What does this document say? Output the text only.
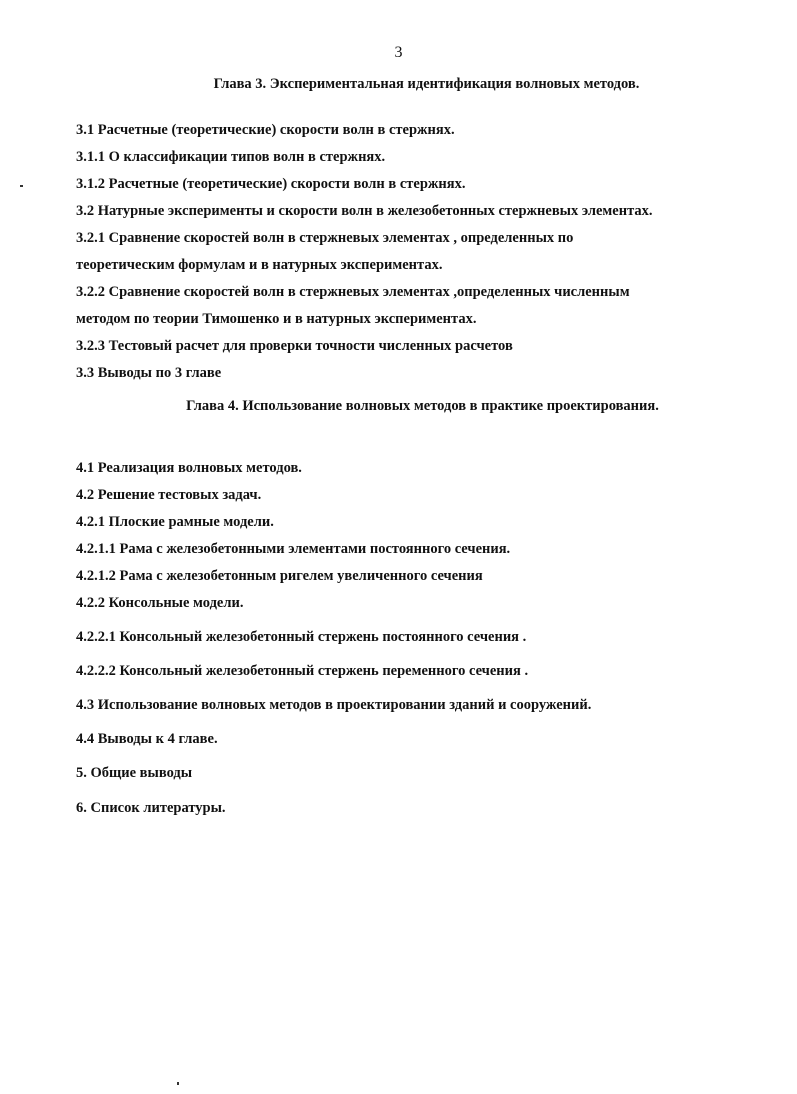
3
Глава 3. Экспериментальная идентификация волновых методов.
3.1 Расчетные (теоретические) скорости волн в стержнях.
3.1.1 О классификации типов волн в стержнях.
3.1.2 Расчетные (теоретические) скорости волн в стержнях.
3.2 Натурные эксперименты и скорости волн в железобетонных стержневых элементах.
3.2.1 Сравнение скоростей волн в стержневых элементах , определенных по
теоретическим формулам и в натурных экспериментах.
3.2.2 Сравнение скоростей волн в стержневых элементах ,определенных численным
методом по теории Тимошенко и в натурных экспериментах.
3.2.3 Тестовый расчет для проверки точности численных расчетов
3.3 Выводы по 3 главе
Глава 4. Использование волновых методов в практике проектирования.
4.1 Реализация волновых методов.
4.2 Решение тестовых задач.
4.2.1 Плоские рамные модели.
4.2.1.1 Рама с железобетонными элементами постоянного сечения.
4.2.1.2 Рама с железобетонным ригелем увеличенного сечения
4.2.2 Консольные модели.
4.2.2.1 Консольный железобетонный стержень постоянного сечения .
4.2.2.2 Консольный железобетонный стержень переменного сечения .
4.3 Использование волновых методов в проектировании зданий и сооружений.
4.4 Выводы к 4 главе.
5. Общие выводы
6. Список литературы.
